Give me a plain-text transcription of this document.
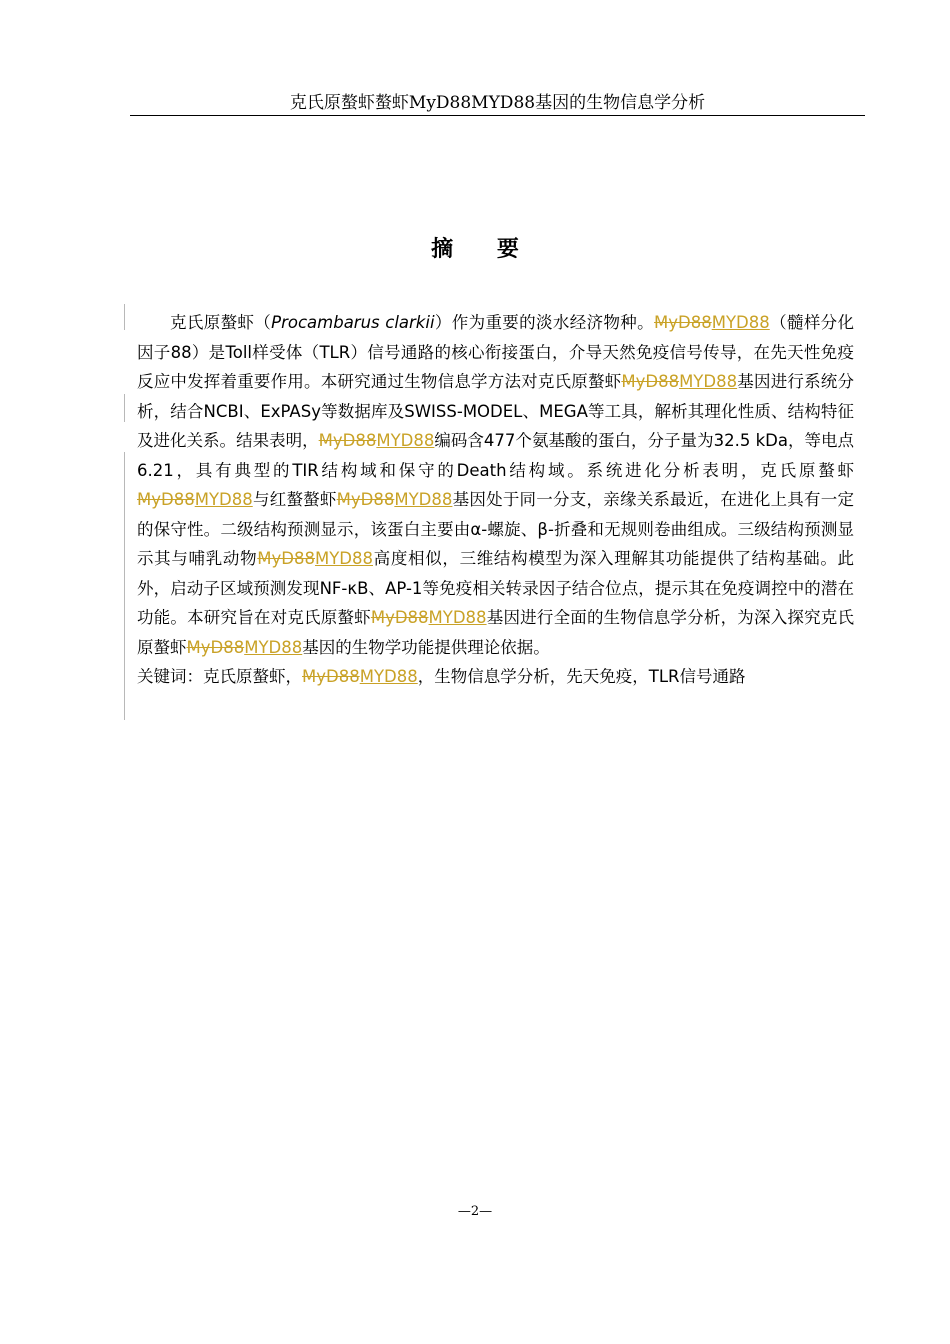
克氏原螯虾螯虾MyD88MYD88基因的生物信息学分析
摘 要

克氏原螯虾（Procambarus clarkii）作为重要的淡水经济物种。MyD88MYD88（髓样分化因子88）是Toll样受体（TLR）信号通路的核心衔接蛋白，介导天然免疫信号传导，在先天性免疫反应中发挥着重要作用。本研究通过生物信息学方法对克氏原螯虾MyD88MYD88基因进行系统分析，结合NCBI、ExPASy等数据库及SWISS-MODEL、MEGA等工具，解析其理化性质、结构特征及进化关系。结果表明，MyD88MYD88编码含477个氨基酸的蛋白，分子量为32.5 kDa，等电点6.21，具有典型的TIR结构域和保守的Death结构域。系统进化分析表明，克氏原螯虾MyD88MYD88与红螯螯虾MyD88MYD88基因处于同一分支，亲缘关系最近，在进化上具有一定的保守性。二级结构预测显示，该蛋白主要由α-螺旋、β-折叠和无规则卷曲组成。三级结构预测显示其与哺乳动物MyD88MYD88高度相似，三维结构模型为深入理解其功能提供了结构基础。此外，启动子区域预测发现NF-κB、AP-1等免疫相关转录因子结合位点，提示其在免疫调控中的潜在功能。本研究旨在对克氏原螯虾MyD88MYD88基因进行全面的生物信息学分析，为深入探究克氏原螯虾MyD88MYD88基因的生物学功能提供理论依据。

关键词：克氏原螯虾，MyD88MYD88，生物信息学分析，先天免疫，TLR信号通路

—2—
